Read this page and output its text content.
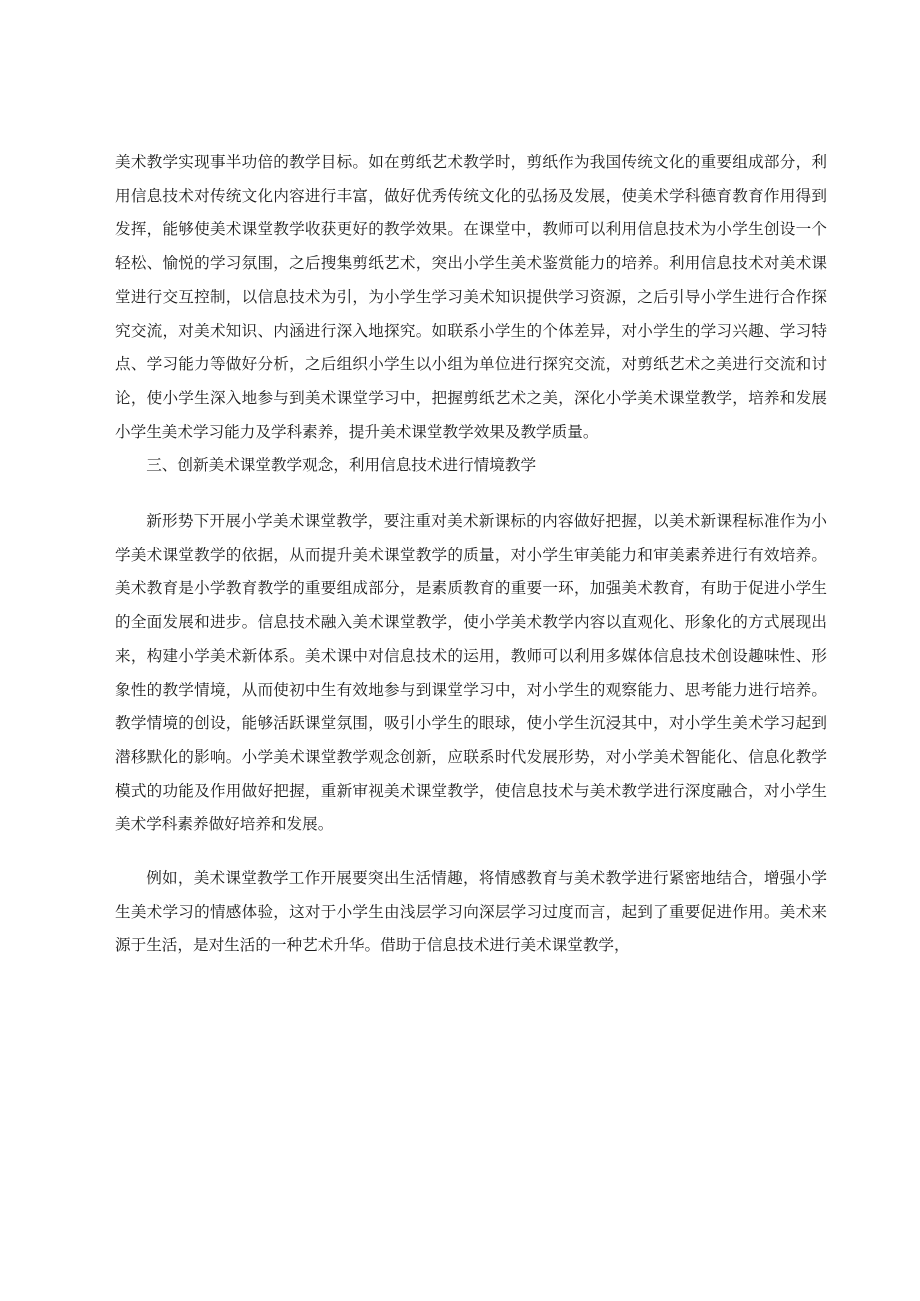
美术教学实现事半功倍的教学目标。如在剪纸艺术教学时，剪纸作为我国传统文化的重要组成部分，利用信息技术对传统文化内容进行丰富，做好优秀传统文化的弘扬及发展，使美术学科德育教育作用得到发挥，能够使美术课堂教学收获更好的教学效果。在课堂中，教师可以利用信息技术为小学生创设一个轻松、愉悦的学习氛围，之后搜集剪纸艺术，突出小学生美术鉴赏能力的培养。利用信息技术对美术课堂进行交互控制，以信息技术为引，为小学生学习美术知识提供学习资源，之后引导小学生进行合作探究交流，对美术知识、内涵进行深入地探究。如联系小学生的个体差异，对小学生的学习兴趣、学习特点、学习能力等做好分析，之后组织小学生以小组为单位进行探究交流，对剪纸艺术之美进行交流和讨论，使小学生深入地参与到美术课堂学习中，把握剪纸艺术之美，深化小学美术课堂教学，培养和发展小学生美术学习能力及学科素养，提升美术课堂教学效果及教学质量。

三、创新美术课堂教学观念，利用信息技术进行情境教学

新形势下开展小学美术课堂教学，要注重对美术新课标的内容做好把握，以美术新课程标准作为小学美术课堂教学的依据，从而提升美术课堂教学的质量，对小学生审美能力和审美素养进行有效培养。美术教育是小学教育教学的重要组成部分，是素质教育的重要一环，加强美术教育，有助于促进小学生的全面发展和进步。信息技术融入美术课堂教学，使小学美术教学内容以直观化、形象化的方式展现出来，构建小学美术新体系。美术课中对信息技术的运用，教师可以利用多媒体信息技术创设趣味性、形象性的教学情境，从而使初中生有效地参与到课堂学习中，对小学生的观察能力、思考能力进行培养。教学情境的创设，能够活跃课堂氛围，吸引小学生的眼球，使小学生沉浸其中，对小学生美术学习起到潜移默化的影响。小学美术课堂教学观念创新，应联系时代发展形势，对小学美术智能化、信息化教学模式的功能及作用做好把握，重新审视美术课堂教学，使信息技术与美术教学进行深度融合，对小学生美术学科素养做好培养和发展。

例如，美术课堂教学工作开展要突出生活情趣，将情感教育与美术教学进行紧密地结合，增强小学生美术学习的情感体验，这对于小学生由浅层学习向深层学习过度而言，起到了重要促进作用。美术来源于生活，是对生活的一种艺术升华。借助于信息技术进行美术课堂教学，
